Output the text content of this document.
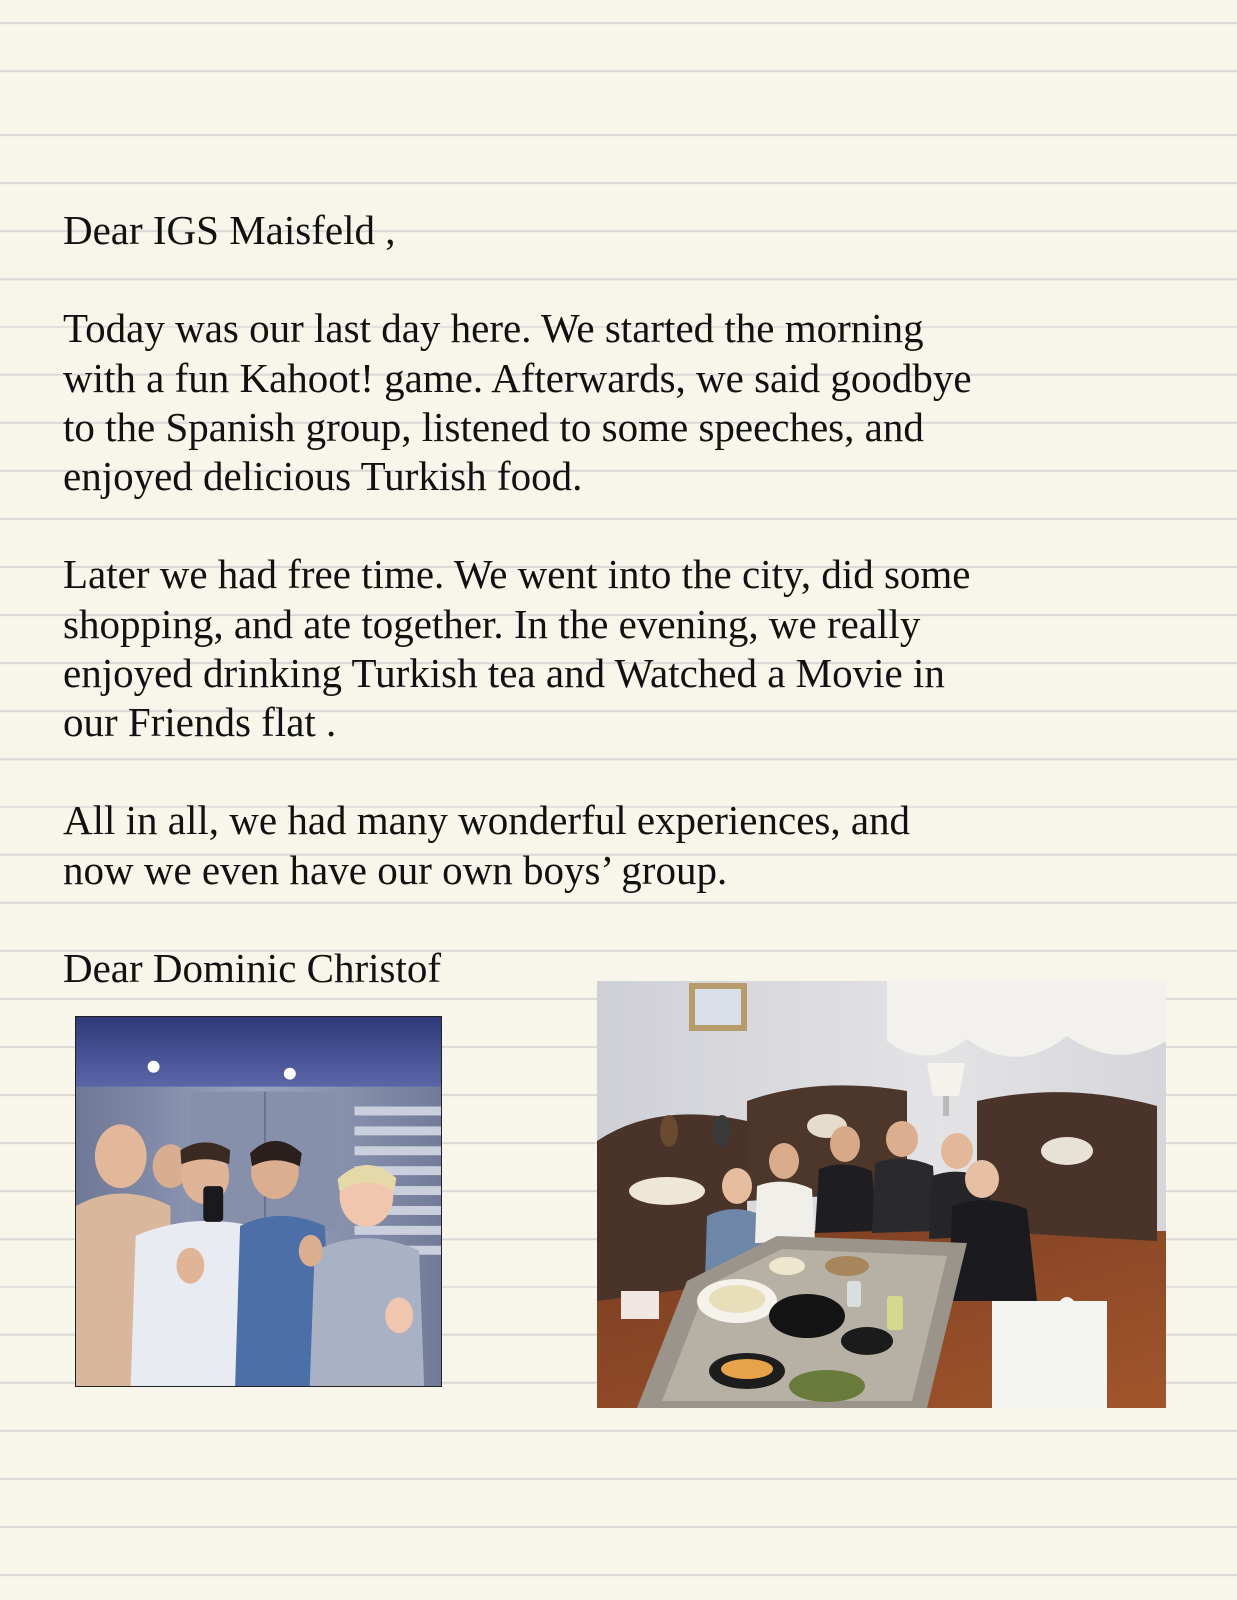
Dear IGS Maisfeld ,

Today was our last day here. We started the morning with a fun Kahoot! game. Afterwards, we said goodbye to the Spanish group, listened to some speeches, and enjoyed delicious Turkish food.

Later we had free time. We went into the city, did some shopping, and ate together. In the evening, we really enjoyed drinking Turkish tea and Watched a Movie in our Friends flat .

All in all, we had many wonderful experiences, and now we even have our own boys’ group.

Dear Dominic Christof
